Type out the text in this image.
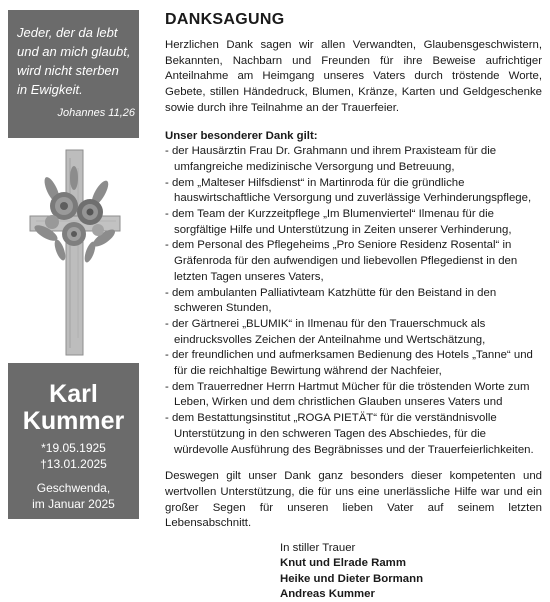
Jeder, der da lebt
und an mich glaubt,
wird nicht sterben
in Ewigkeit.
Johannes 11,26
Karl
Kummer
*19.05.1925
†13.01.2025
Geschwenda,
im Januar 2025
DANKSAGUNG

Herzlichen Dank sagen wir allen Verwandten, Glaubensgeschwistern, Bekannten, Nachbarn und Freunden für ihre Beweise aufrichtiger Anteilnahme am Heimgang unseres Vaters durch tröstende Worte, Gebete, stillen Händedruck, Blumen, Kränze, Karten und Geldgeschenke sowie durch ihre Teilnahme an der Trauerfeier.

Unser besonderer Dank gilt:
- der Hausärztin Frau Dr. Grahmann und ihrem Praxisteam für die umfangreiche medizinische Versorgung und Betreuung,
- dem „Malteser Hilfsdienst“ in Martinroda für die gründliche hauswirtschaftliche Versorgung und zuverlässige Verhinderungspflege,
- dem Team der Kurzzeitpflege „Im Blumenviertel“ Ilmenau für die sorgfältige Hilfe und Unterstützung in Zeiten unserer Verhinderung,
- dem Personal des Pflegeheims „Pro Seniore Residenz Rosental“ in Gräfenroda für den aufwendigen und liebevollen Pflegedienst in den letzten Tagen unseres Vaters,
- dem ambulanten Palliativteam Katzhütte für den Beistand in den schweren Stunden,
- der Gärtnerei „BLUMIK“ in Ilmenau für den Trauerschmuck als eindrucksvolles Zeichen der Anteilnahme und Wertschätzung,
- der freundlichen und aufmerksamen Bedienung des Hotels „Tanne“ und für die reichhaltige Bewirtung während der Nachfeier,
- dem Trauerredner Herrn Hartmut Mücher für die tröstenden Worte zum Leben, Wirken und dem christlichen Glauben unseres Vaters und
- dem Bestattungsinstitut „ROGA PIETÄT“ für die verständnisvolle Unterstützung in den schweren Tagen des Abschiedes, für die würdevolle Ausführung des Begräbnisses und der Trauerfeierlichkeiten.

Deswegen gilt unser Dank ganz besonders dieser kompetenten und wertvollen Unterstützung, die für uns eine unerlässliche Hilfe war und ein großer Segen für unseren lieben Vater auf seinem letzten Lebensabschnitt.

In stiller Trauer
Knut und Elrade Ramm
Heike und Dieter Bormann
Andreas Kummer
